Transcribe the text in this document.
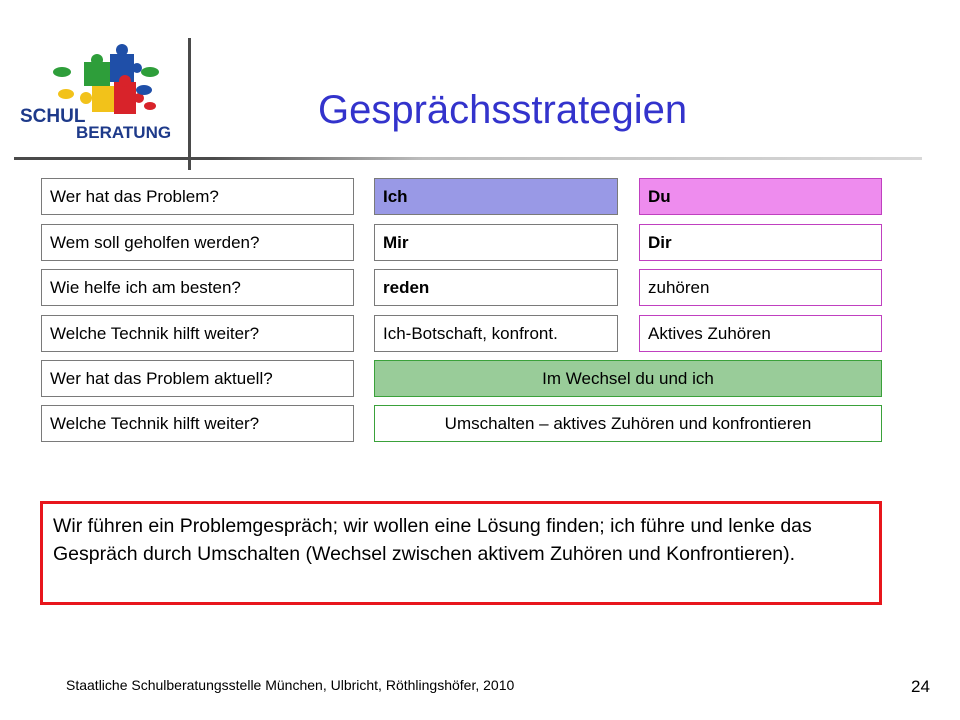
SCHUL
BERATUNG
Gesprächsstrategien
Wer hat das Problem?	Ich	Du
Wem soll geholfen werden?	Mir	Dir
Wie helfe ich am besten?	reden	zuhören
Welche Technik hilft weiter?	Ich-Botschaft, konfront.	Aktives Zuhören
Wer hat das Problem aktuell?	Im Wechsel du und ich
Welche Technik hilft weiter?	Umschalten – aktives Zuhören und konfrontieren
Wir führen ein Problemgespräch; wir wollen eine Lösung finden; ich führe und lenke das Gespräch durch Umschalten (Wechsel zwischen aktivem Zuhören und Konfrontieren).
Staatliche Schulberatungsstelle München, Ulbricht, Röthlingshöfer, 2010	24
